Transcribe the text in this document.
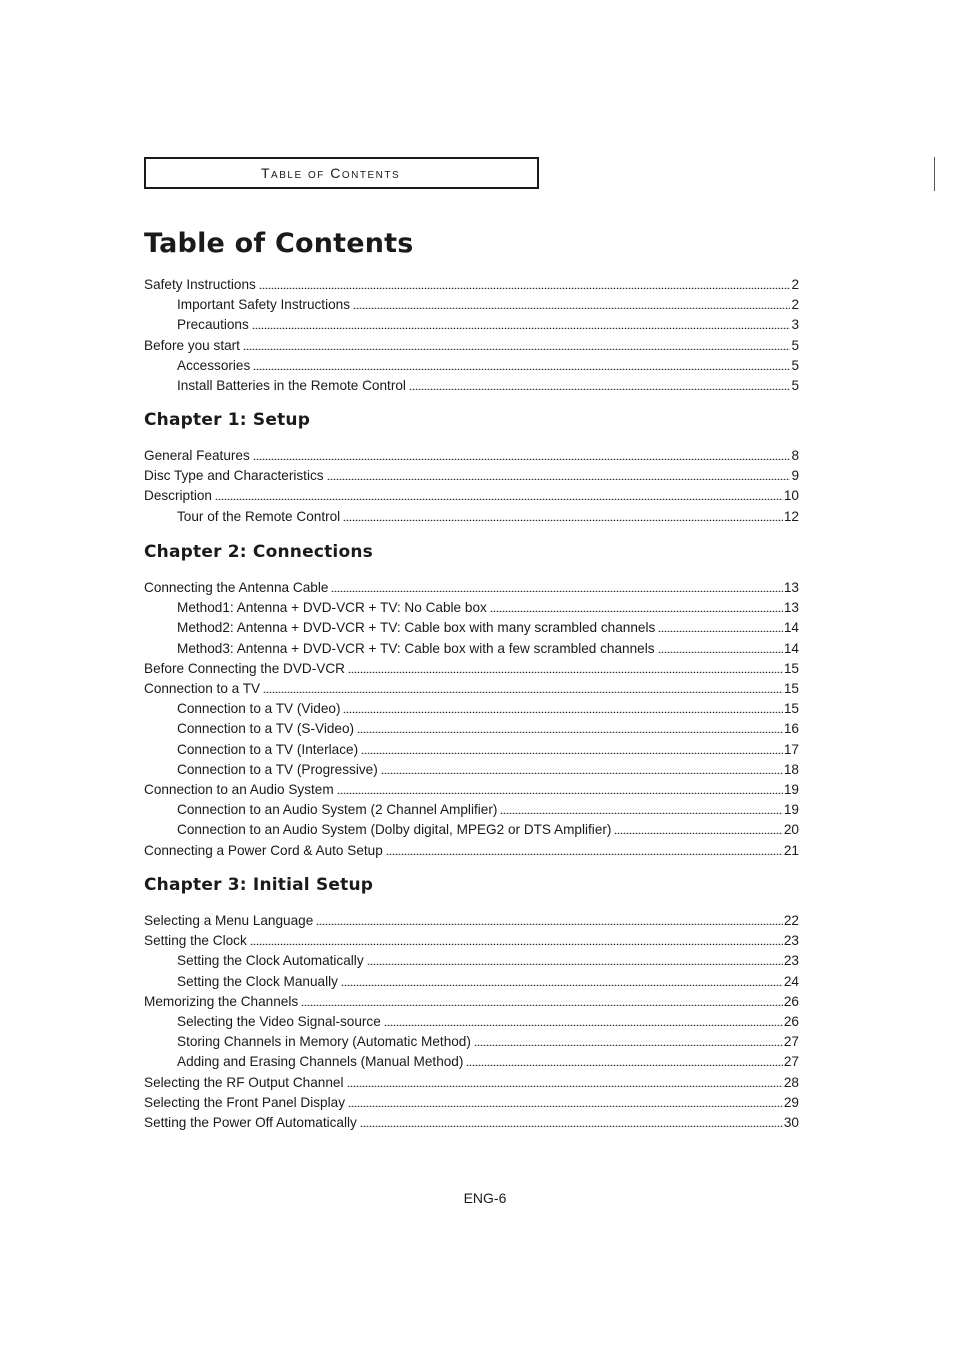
Table of Contents
Table of Contents
Safety Instructions	2
Important Safety Instructions	2
Precautions	3
Before you start	5
Accessories	5
Install Batteries in the Remote Control	5
Chapter 1: Setup
General Features	8
Disc Type and Characteristics	9
Description	10
Tour of the Remote Control	12
Chapter 2: Connections
Connecting the Antenna Cable	13
Method1: Antenna + DVD-VCR + TV: No Cable box	13
Method2: Antenna + DVD-VCR + TV: Cable box with many scrambled channels	14
Method3: Antenna + DVD-VCR + TV: Cable box with a few scrambled channels	14
Before Connecting the DVD-VCR	15
Connection to a TV	15
Connection to a TV (Video)	15
Connection to a TV (S-Video)	16
Connection to a TV (Interlace)	17
Connection to a TV (Progressive)	18
Connection to an Audio System	19
Connection to an Audio System (2 Channel Amplifier)	19
Connection to an Audio System (Dolby digital, MPEG2 or DTS Amplifier)	20
Connecting a Power Cord & Auto Setup	21
Chapter 3: Initial Setup
Selecting a Menu Language	22
Setting the Clock	23
Setting the Clock Automatically	23
Setting the Clock Manually	24
Memorizing the Channels	26
Selecting the Video Signal-source	26
Storing Channels in Memory (Automatic Method)	27
Adding and Erasing Channels (Manual Method)	27
Selecting the RF Output Channel	28
Selecting the Front Panel Display	29
Setting the Power Off Automatically	30
ENG-6
